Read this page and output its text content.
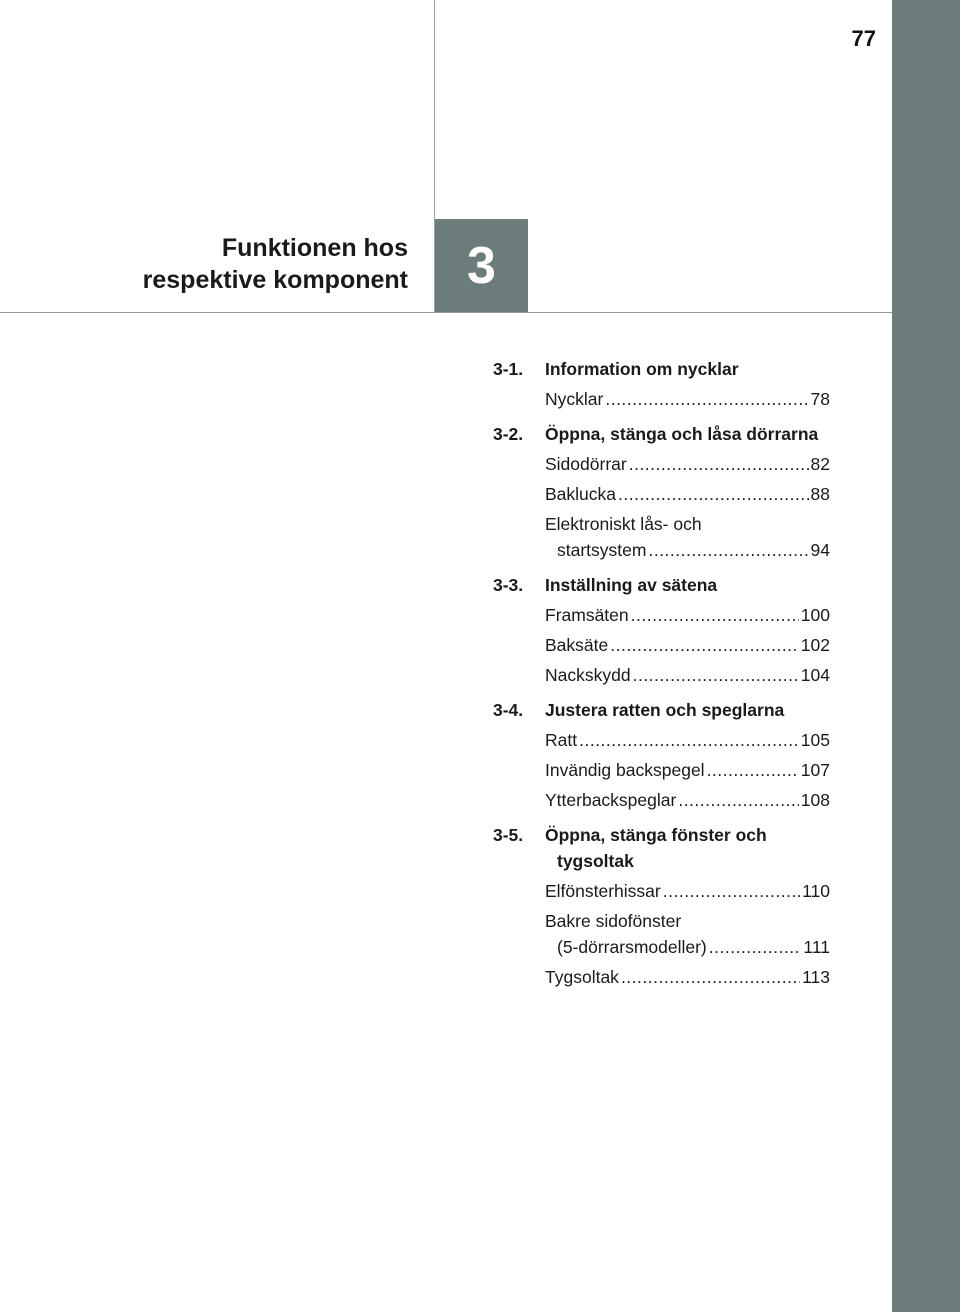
77
Funktionen hos
respektive komponent 3
3-1.	Information om nycklar
Nycklar .....	78
3-2.	Öppna, stänga och låsa dörrarna
Sidodörrar .....	82
Baklucka .....	88
Elektroniskt lås- och
startsystem .....	94
3-3.	Inställning av sätena
Framsäten .....	100
Baksäte .....	102
Nackskydd .....	104
3-4.	Justera ratten och speglarna
Ratt .....	105
Invändig backspegel .....	107
Ytterbackspeglar .....	108
3-5.	Öppna, stänga fönster och tygsoltak
Elfönsterhissar .....	110
Bakre sidofönster
(5-dörrarsmodeller) .....	111
Tygsoltak .....	113
